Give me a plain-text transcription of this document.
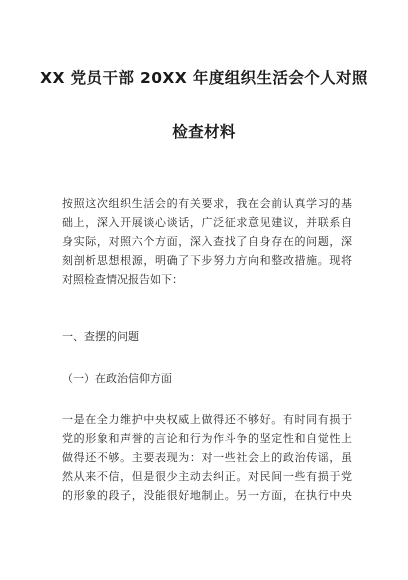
XX 党员干部 20XX 年度组织生活会个人对照
检查材料
按照这次组织生活会的有关要求，我在会前认真学习的基
础上，深入开展谈心谈话，广泛征求意见建议，并联系自
身实际，对照六个方面，深入查找了自身存在的问题，深
刻剖析思想根源，明确了下步努力方向和整改措施。现将
对照检查情况报告如下：
一、查摆的问题
（一）在政治信仰方面
一是在全力维护中央权威上做得还不够好。有时同有损于
党的形象和声誉的言论和行为作斗争的坚定性和自觉性上
做得还不够。主要表现为：对一些社会上的政治传谣，虽
然从来不信，但是很少主动去纠正。对民间一些有损于党
的形象的段子，没能很好地制止。另一方面，在执行中央
